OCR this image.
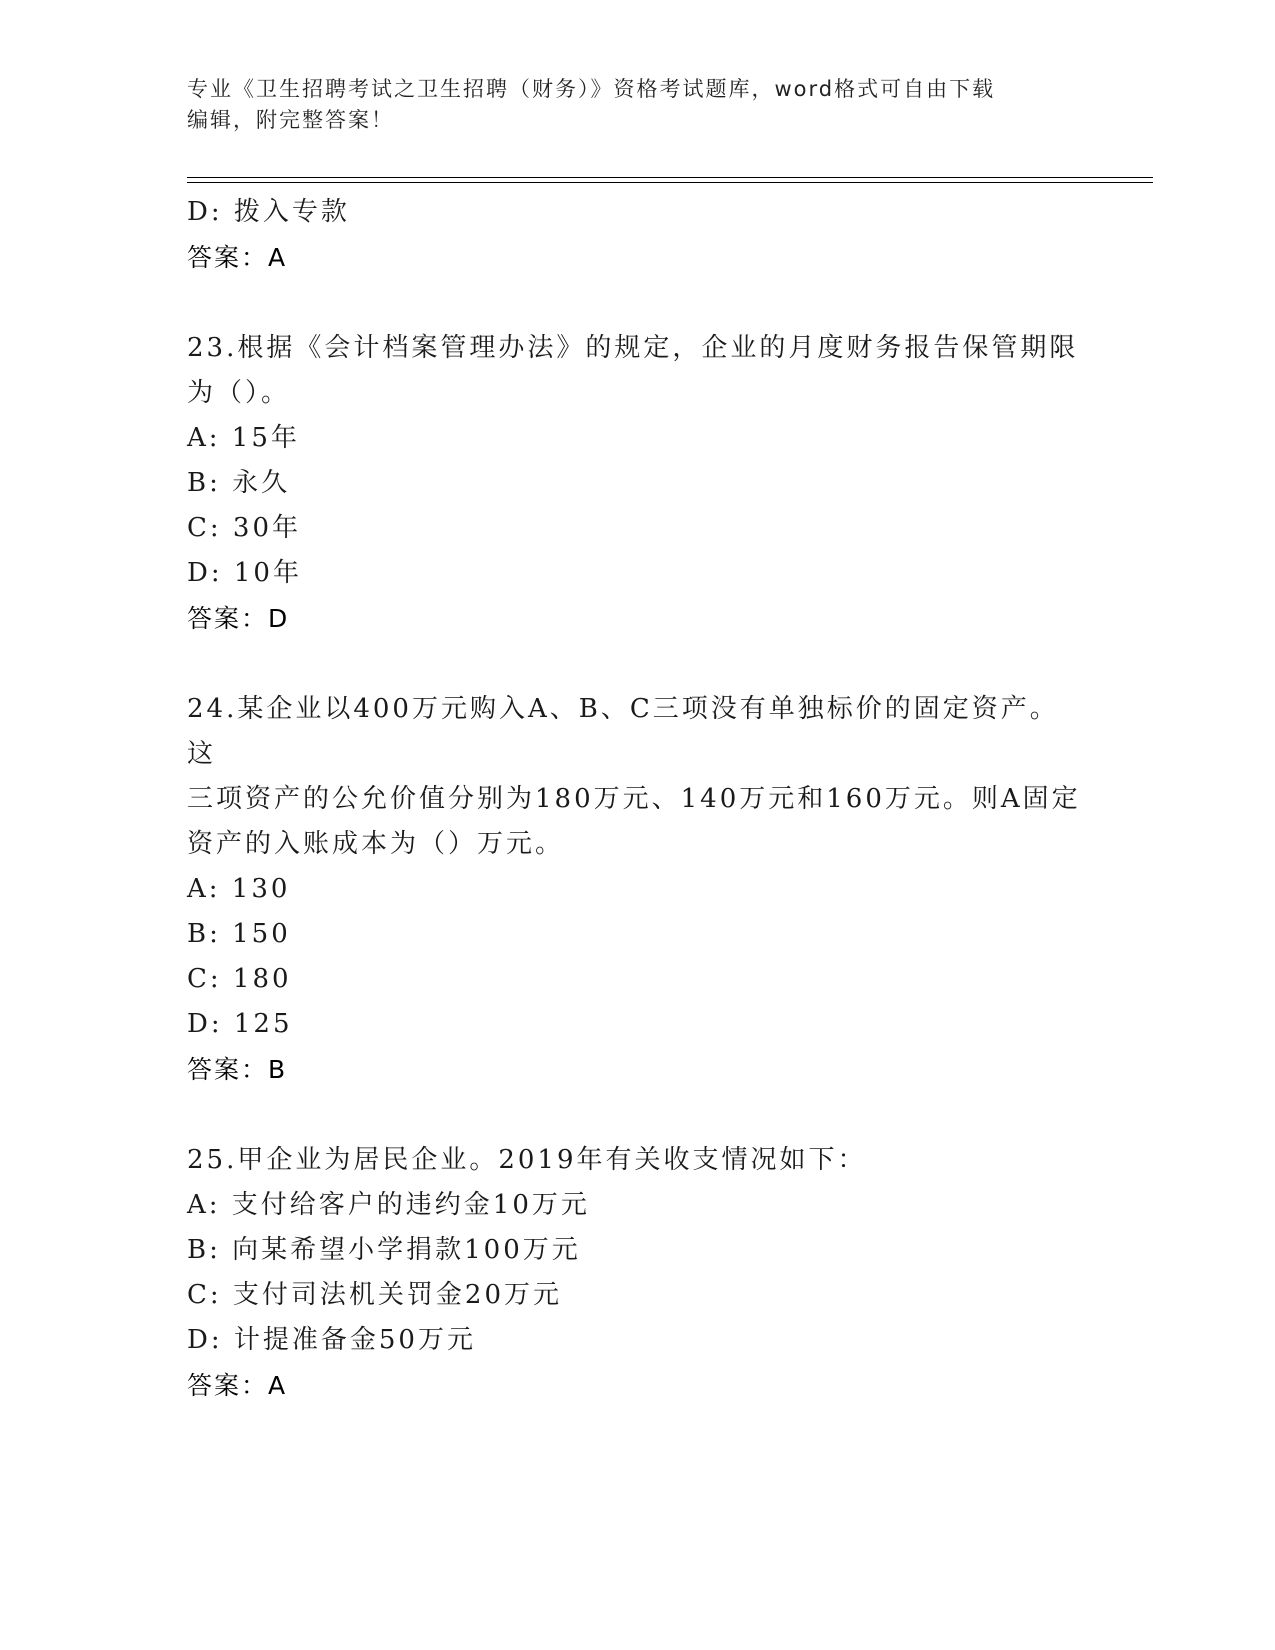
专业《卫生招聘考试之卫生招聘（财务）》资格考试题库，word格式可自由下载
编辑，附完整答案！
D: 拨入专款
答案：A
23.根据《会计档案管理办法》的规定，企业的月度财务报告保管期限
为（）。
A: 15年
B: 永久
C: 30年
D: 10年
答案：D
24.某企业以400万元购入A、B、C三项没有单独标价的固定资产。这
三项资产的公允价值分别为180万元、140万元和160万元。则A固定
资产的入账成本为（）万元。
A: 130
B: 150
C: 180
D: 125
答案：B
25.甲企业为居民企业。2019年有关收支情况如下：
A: 支付给客户的违约金10万元
B: 向某希望小学捐款100万元
C: 支付司法机关罚金20万元
D: 计提准备金50万元
答案：A
